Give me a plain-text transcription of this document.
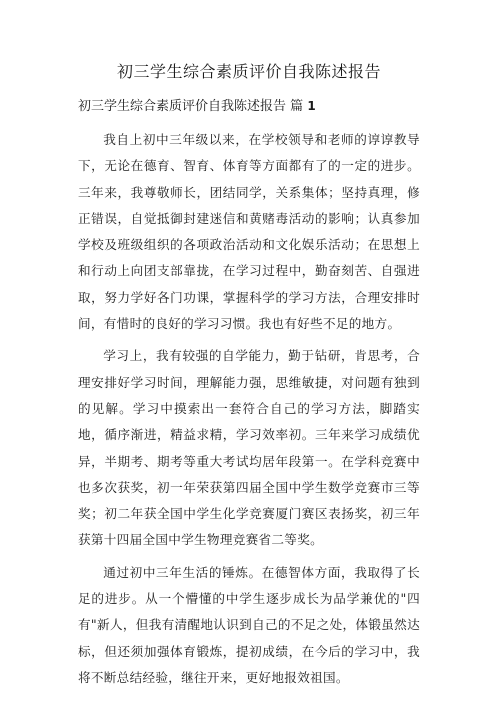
初三学生综合素质评价自我陈述报告
初三学生综合素质评价自我陈述报告 篇 1

我自上初中三年级以来，在学校领导和老师的谆谆教导下，无论在德育、智育、体育等方面都有了的一定的进步。三年来，我尊敬师长，团结同学，关系集体；坚持真理，修正错误，自觉抵御封建迷信和黄赌毒活动的影响；认真参加学校及班级组织的各项政治活动和文化娱乐活动；在思想上和行动上向团支部靠拢，在学习过程中，勤奋刻苦、自强进取，努力学好各门功课，掌握科学的学习方法，合理安排时间，有惜时的良好的学习习惯。我也有好些不足的地方。

学习上，我有较强的自学能力，勤于钻研，肯思考，合理安排好学习时间，理解能力强，思维敏捷，对问题有独到的见解。学习中摸索出一套符合自己的学习方法，脚踏实地，循序渐进，精益求精，学习效率初。三年来学习成绩优异，半期考、期考等重大考试均居年段第一。在学科竞赛中也多次获奖，初一年荣获第四届全国中学生数学竞赛市三等奖；初二年获全国中学生化学竞赛厦门赛区表扬奖，初三年获第十四届全国中学生物理竞赛省二等奖。

通过初中三年生活的锤炼。在德智体方面，我取得了长足的进步。从一个懵懂的中学生逐步成长为品学兼优的"四有"新人，但我有清醒地认识到自己的不足之处，体锻虽然达标，但还须加强体育锻炼，提初成绩，在今后的学习中，我将不断总结经验，继往开来，更好地报效祖国。
